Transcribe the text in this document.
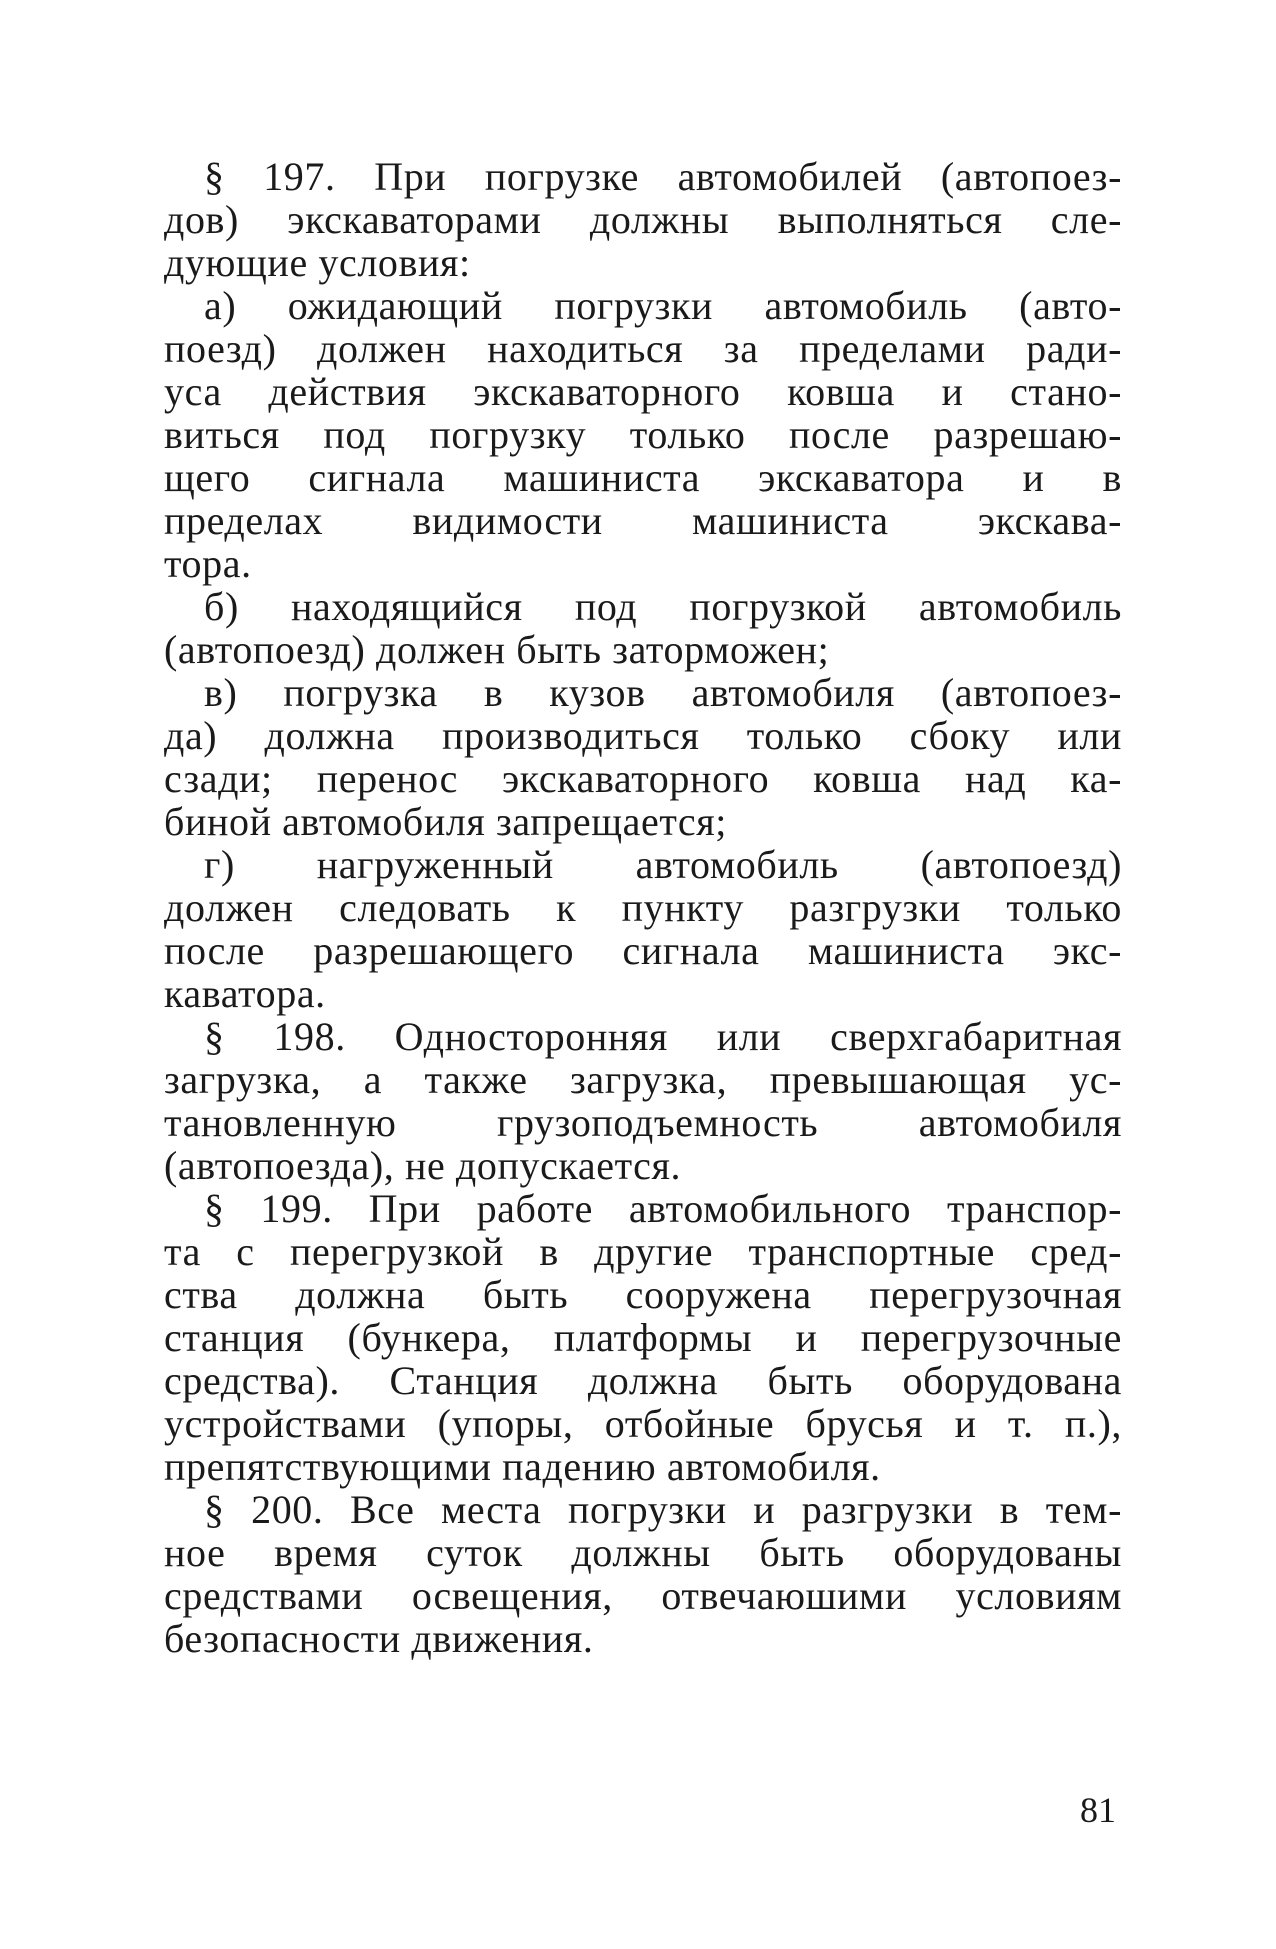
§ 197. При погрузке автомобилей (автопоез-
дов) экскаваторами должны выполняться сле-
дующие условия:
а) ожидающий погрузки автомобиль (авто-
поезд) должен находиться за пределами ради-
уса действия экскаваторного ковша и стано-
виться под погрузку только после разрешаю-
щего сигнала машиниста экскаватора и в
пределах видимости машиниста экскава-
тора.
б) находящийся под погрузкой автомобиль
(автопоезд) должен быть заторможен;
в) погрузка в кузов автомобиля (автопоез-
да) должна производиться только сбоку или
сзади; перенос экскаваторного ковша над ка-
биной автомобиля запрещается;
г) нагруженный автомобиль (автопоезд)
должен следовать к пункту разгрузки только
после разрешающего сигнала машиниста экс-
каватора.
§ 198. Односторонняя или сверхгабаритная
загрузка, а также загрузка, превышающая ус-
тановленную грузоподъемность автомобиля
(автопоезда), не допускается.
§ 199. При работе автомобильного транспор-
та с перегрузкой в другие транспортные сред-
ства должна быть сооружена перегрузочная
станция (бункера, платформы и перегрузочные
средства). Станция должна быть оборудована
устройствами (упоры, отбойные брусья и т. п.),
препятствующими падению автомобиля.
§ 200. Все места погрузки и разгрузки в тем-
ное время суток должны быть оборудованы
средствами освещения, отвечаюшими условиям
безопасности движения.
81
